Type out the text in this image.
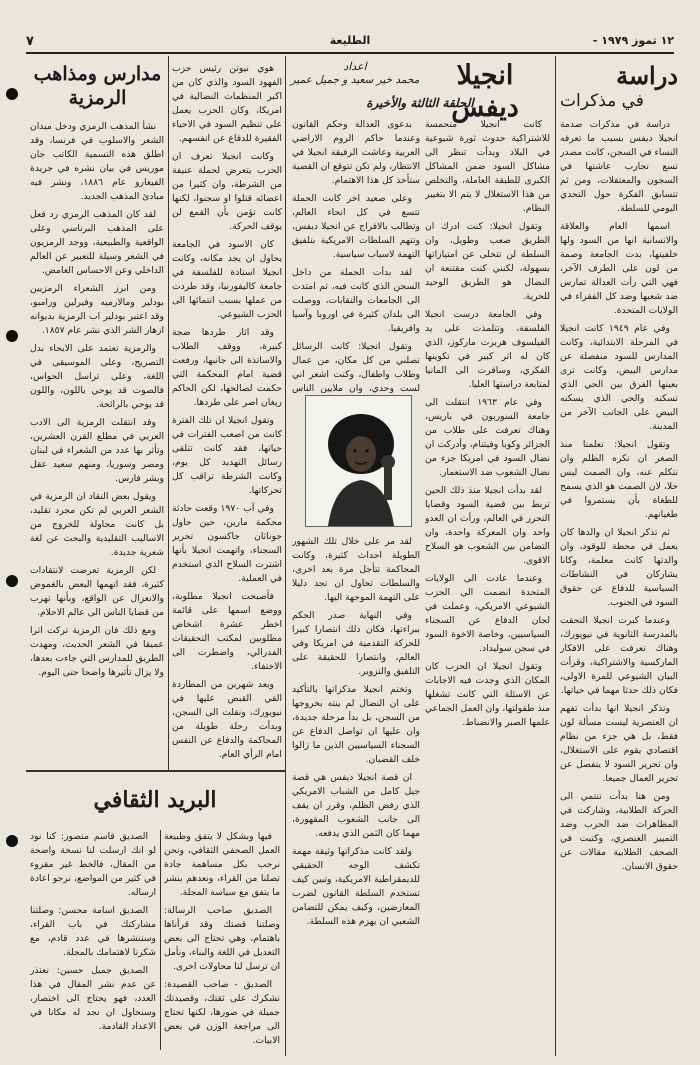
١٢ تموز ١٩٧٩ -
الطليعة
٧
دراسة
في مذكرات
انجيلا ديفس
اعداد
محمد خير سعيد و جميل عمير
الحلقة الثالثة والأخيرة
مدارس ومذاهب الرمزية

دراسة في مذكرات صدمة انجيلا ديفس بسبب ما تعرفه النساء في السجن، كانت مصدر تسع تجارب عاشتها في السجون والمعتقلات، ومن ثم تتسابق الفكرة حول التحدي اليومي للسلطة.

اسمها العام والعلاقة والانسانية انها من السود ولها خلفيتها، بدت الجامعة وصمة من لون على الطرف الآخر، فهي التي رأت العدالة تمارس ضد شعبها وضد كل الفقراء في الولايات المتحدة.

وفي عام ١٩٤٩ كانت انجيلا في المرحلة الابتدائية، وكانت المدارس للسود منفصلة عن مدارس البيض، وكانت ترى بعينها الفرق بين الحي الذي تسكنه والحي الذي يسكنه البيض على الجانب الآخر من المدينة.

وتقول انجيلا: تعلمنا منذ الصغر ان نكره الظلم وان نتكلم عنه، وان الصمت ليس حلا، لان الصمت هو الذي يسمح للطغاة بأن يستمروا في طغيانهم.

ثم تذكر انجيلا ان والدها كان يعمل في محطة للوقود، وان والدتها كانت معلمة، وكانا يشاركان في النشاطات السياسية للدفاع عن حقوق السود في الجنوب.

وعندما كبرت انجيلا التحقت بالمدرسة الثانوية في نيويورك، وهناك تعرفت على الافكار الماركسية والاشتراكية، وقرأت البيان الشيوعي للمرة الاولى، فكان ذلك حدثا مهما في حياتها.

وتذكر انجيلا انها بدأت تفهم ان العنصرية ليست مسألة لون فقط، بل هي جزء من نظام اقتصادي يقوم على الاستغلال، وان تحرير السود لا ينفصل عن تحرير العمال جميعا.

ومن هنا بدأت تنتمي الى الحركة الطلابية، وشاركت في المظاهرات ضد الحرب وضد التمييز العنصري، وكتبت في الصحف الطلابية مقالات عن حقوق الانسان.

كانت انجيلا متحمسة للاشتراكية حدوث ثورة شيوعية في البلاد وبدأت تنظر الى مشاكل السود ضمن المشاكل الكبرى للطبقة العاملة، والتخلص من هذا الاستغلال لا يتم الا بتغيير النظام.

وتقول انجيلا: كنت ادرك ان الطريق صعب وطويل، وان السلطة لن تتخلى عن امتيازاتها بسهولة، لكنني كنت مقتنعة ان النضال هو الطريق الوحيد للحرية.

وفي الجامعة درست انجيلا الفلسفة، وتتلمذت على يد الفيلسوف هربرت ماركوز، الذي كان له اثر كبير في تكوينها الفكري، وسافرت الى المانيا لمتابعة دراستها العليا.

وفي عام ١٩٦٣ انتقلت الى جامعة السوربون في باريس، وهناك تعرفت على طلاب من الجزائر وكوبا وفيتنام، وأدركت ان نضال السود في امريكا جزء من نضال الشعوب ضد الاستعمار.

لقد بدأت انجيلا منذ ذلك الحين تربط بين قضية السود وقضايا التحرر في العالم، ورأت ان العدو واحد وان المعركة واحدة، وان التضامن بين الشعوب هو السلاح الاقوى.

وعندما عادت الى الولايات المتحدة انضمت الى الحزب الشيوعي الامريكي، وعملت في لجان الدفاع عن السجناء السياسيين، وخاصة الاخوة السود في سجن سوليداد.

وتقول انجيلا ان الحزب كان المكان الذي وجدت فيه الاجابات عن الاسئلة التي كانت تشغلها منذ طفولتها، وان العمل الجماعي علمها الصبر والانضباط.

بدعوى العدالة وحكم القانون وعندما حاكم الروم الاراضي العربية وعاشت الرفيقة انجيلا في الانتظار، ولم تكن تتوقع ان القضية ستأخذ كل هذا الاهتمام.

وعلى صعيد اخر كانت الحملة تتسع في كل انحاء العالم، وتطالب بالافراج عن انجيلا ديفس، وتتهم السلطات الامريكية بتلفيق التهمة لاسباب سياسية.

لقد بدأت الحملة من داخل السجن الذي كانت فيه، ثم امتدت الى الجامعات والنقابات، ووصلت الى بلدان كثيرة في اوروبا وآسيا وافريقيا.

وتقول انجيلا: كانت الرسائل تصلني من كل مكان، من عمال وطلاب واطفال، وكنت اشعر اني لست وحدي، وان ملايين الناس

لقد مر على خلال تلك الشهور الطويلة احداث كثيرة، وكانت المحاكمة تتأجل مرة بعد اخرى، والسلطات تحاول ان تجد دليلا على التهمة الموجهة اليها.

وفي النهاية صدر الحكم ببراءتها، فكان ذلك انتصارا كبيرا للحركة التقدمية في امريكا وفي العالم، وانتصارا للحقيقة على التلفيق والتزوير.

وتختم انجيلا مذكراتها بالتأكيد على ان النضال لم ينته بخروجها من السجن، بل بدأ مرحلة جديدة، وان عليها ان تواصل الدفاع عن السجناء السياسيين الذين ما زالوا خلف القضبان.

ان قصة انجيلا ديفس هي قصة جيل كامل من الشباب الامريكي الذي رفض الظلم، وقرر ان يقف الى جانب الشعوب المقهورة، مهما كان الثمن الذي يدفعه.

ولقد كانت مذكراتها وثيقة مهمة تكشف الوجه الحقيقي للديمقراطية الامريكية، وتبين كيف تستخدم السلطة القانون لضرب المعارضين، وكيف يمكن للتضامن الشعبي ان يهزم هذه السلطة.

هوي نيوتن رئيس حزب الفهود السود والذي كان من اكبر المنظمات النضالية في امريكا، وكان الحزب يعمل على تنظيم السود في الاحياء الفقيرة للدفاع عن انفسهم.

وكانت انجيلا تعرف ان الحزب يتعرض لحملة عنيفة من الشرطة، وان كثيرا من اعضائه قتلوا او سجنوا، لكنها كانت تؤمن بأن القمع لن يوقف الحركة.

كان الاسود في الجامعة يحاول ان يجد مكانه، وكانت انجيلا استاذة للفلسفة في جامعة كاليفورنيا، وقد طردت من عملها بسبب انتمائها الى الحزب الشيوعي.

وقد اثار طردها ضجة كبيرة، ووقف الطلاب والاساتذة الى جانبها، ورفعت قضية امام المحكمة التي حكمت لصالحها، لكن الحاكم ريغان اصر على طردها.

وتقول انجيلا ان تلك الفترة كانت من اصعب الفترات في حياتها، فقد كانت تتلقى رسائل التهديد كل يوم، وكانت الشرطة تراقب كل تحركاتها.

وفي آب ١٩٧٠ وقعت حادثة محكمة مارين، حين حاول جوناثان جاكسون تحرير السجناء، واتهمت انجيلا بأنها اشترت السلاح الذي استخدم في العملية.

فأصبحت انجيلا مطلوبة، ووضع اسمها على قائمة اخطر عشرة اشخاص مطلوبين لمكتب التحقيقات الفدرالي، واضطرت الى الاختفاء.

وبعد شهرين من المطاردة القي القبض عليها في نيويورك، ونقلت الى السجن، وبدأت رحلة طويلة من المحاكمة والدفاع عن النفس امام الرأي العام.

نشأ المذهب الرمزي ودخل ميدان الشعر والاسلوب في فرنسا، وقد اطلق هذه التسمية الكاتب جان موريس في بيان نشره في جريدة الفيغارو عام ١٨٨٦، ونشر فيه مبادئ المذهب الجديد.

لقد كان المذهب الرمزي رد فعل على المذهب البرناسي وعلى الواقعية والطبيعية، ووجد الرمزيون في الشعر وسيلة للتعبير عن العالم الداخلي وعن الاحساس الغامض.

ومن ابرز الشعراء الرمزيين بودلير ومالارميه وفيرلين ورامبو، وقد اعتبر بودلير اب الرمزية بديوانه ازهار الشر الذي نشر عام ١٨٥٧.

والرمزية تعتمد على الايحاء بدل التصريح، وعلى الموسيقى في اللغة، وعلى تراسل الحواس، فالصوت قد يوحي باللون، واللون قد يوحي بالرائحة.

وقد انتقلت الرمزية الى الادب العربي في مطلع القرن العشرين، وتأثر بها عدد من الشعراء في لبنان ومصر وسوريا، ومنهم سعيد عقل وبشر فارس.

ويقول بعض النقاد ان الرمزية في الشعر العربي لم تكن مجرد تقليد، بل كانت محاولة للخروج من الاساليب التقليدية والبحث عن لغة شعرية جديدة.

لكن الرمزية تعرضت لانتقادات كثيرة، فقد اتهمها البعض بالغموض والانعزال عن الواقع، وبأنها تهرب من قضايا الناس الى عالم الاحلام.

ومع ذلك فان الرمزية تركت اثرا عميقا في الشعر الحديث، ومهدت الطريق للمدارس التي جاءت بعدها، ولا يزال تأثيرها واضحا حتى اليوم.

البريد الثقافي

فيها وبشكل لا يتفق وطبيعة العمل الصحفي الثقافي، ونحن نرحب بكل مساهمة جادة تصلنا من القراء، ونعدهم بنشر ما يتفق مع سياسة المجلة.

الصديق صاحب الرسالة: وصلتنا قصتك وقد قرأناها باهتمام، وهي تحتاج الى بعض التعديل في اللغة والبناء، ونأمل ان ترسل لنا محاولات اخرى.

الصديق - صاحب القصيدة: نشكرك على ثقتك، وقصيدتك جميلة في صورها، لكنها تحتاج الى مراجعة الوزن في بعض الابيات.

الصديق قاسم منصور: كنا نود لو انك ارسلت لنا نسخة واضحة من المقال، فالخط غير مقروء في كثير من المواضع، نرجو اعادة ارساله.

الصديق اسامة محسن: وصلتنا مشاركتك في باب القراء، وسننشرها في عدد قادم، مع شكرنا لاهتمامك بالمجلة.

الصديق جميل حسين: نعتذر عن عدم نشر المقال في هذا العدد، فهو يحتاج الى اختصار، وسنحاول ان نجد له مكانا في الاعداد القادمة.
